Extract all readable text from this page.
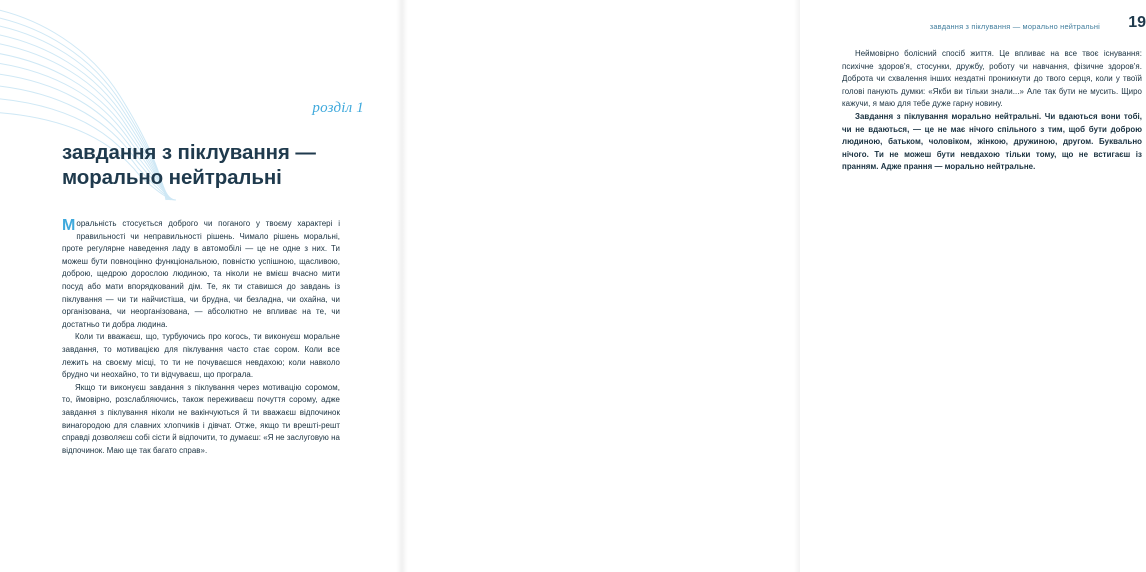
розділ 1
завдання з піклування —
морально нейтральні

Моральність стосується доброго чи поганого у твоєму характері і правильності чи неправильності рішень. Чимало рішень моральні, проте регулярне наведення ладу в автомобілі — це не одне з них. Ти можеш бути повноцінно функціональною, повністю успішною, щасливою, доброю, щедрою дорослою людиною, та ніколи не вмієш вчасно мити посуд або мати впорядкований дім. Те, як ти ставишся до завдань із піклування — чи ти найчистіша, чи брудна, чи безладна, чи охайна, чи організована, чи неорганізована, — абсолютно не впливає на те, чи достатньо ти добра людина.

Коли ти вважаєш, що, турбуючись про когось, ти виконуєш моральне завдання, то мотивацією для піклування часто стає сором. Коли все лежить на своєму місці, то ти не почуваєшся невдахою; коли навколо брудно чи неохайно, то ти відчуваєш, що програла.

Якщо ти виконуєш завдання з піклування через мотивацію соромом, то, ймовірно, розслабляючись, також переживаєш почуття сорому, адже завдання з піклування ніколи не вакінчуються й ти вважаєш відпочинок винагородою для славних хлопчиків і дівчат. Отже, якщо ти врешті-решт справді дозволяєш собі сісти й відпочити, то думаєш: «Я не заслуговую на відпочинок. Маю ще так багато справ».

завдання з піклування — морально нейтральні	19

Неймовірно болісний спосіб життя. Це впливає на все твоє існування: психічне здоров'я, стосунки, дружбу, роботу чи навчання, фізичне здоров'я. Доброта чи схвалення інших нездатні проникнути до твого серця, коли у твоїй голові панують думки: «Якби ви тільки знали...» Але так бути не мусить. Щиро кажучи, я маю для тебе дуже гарну новину.

Завдання з піклування морально нейтральні. Чи вдаються вони тобі, чи не вдаються, — це не має нічого спільного з тим, щоб бути доброю людиною, батьком, чоловіком, жінкою, дружиною, другом. Буквально нічого. Ти не можеш бути невдахою тільки тому, що не встигаєш із пранням. Адже прання — морально нейтральне.
